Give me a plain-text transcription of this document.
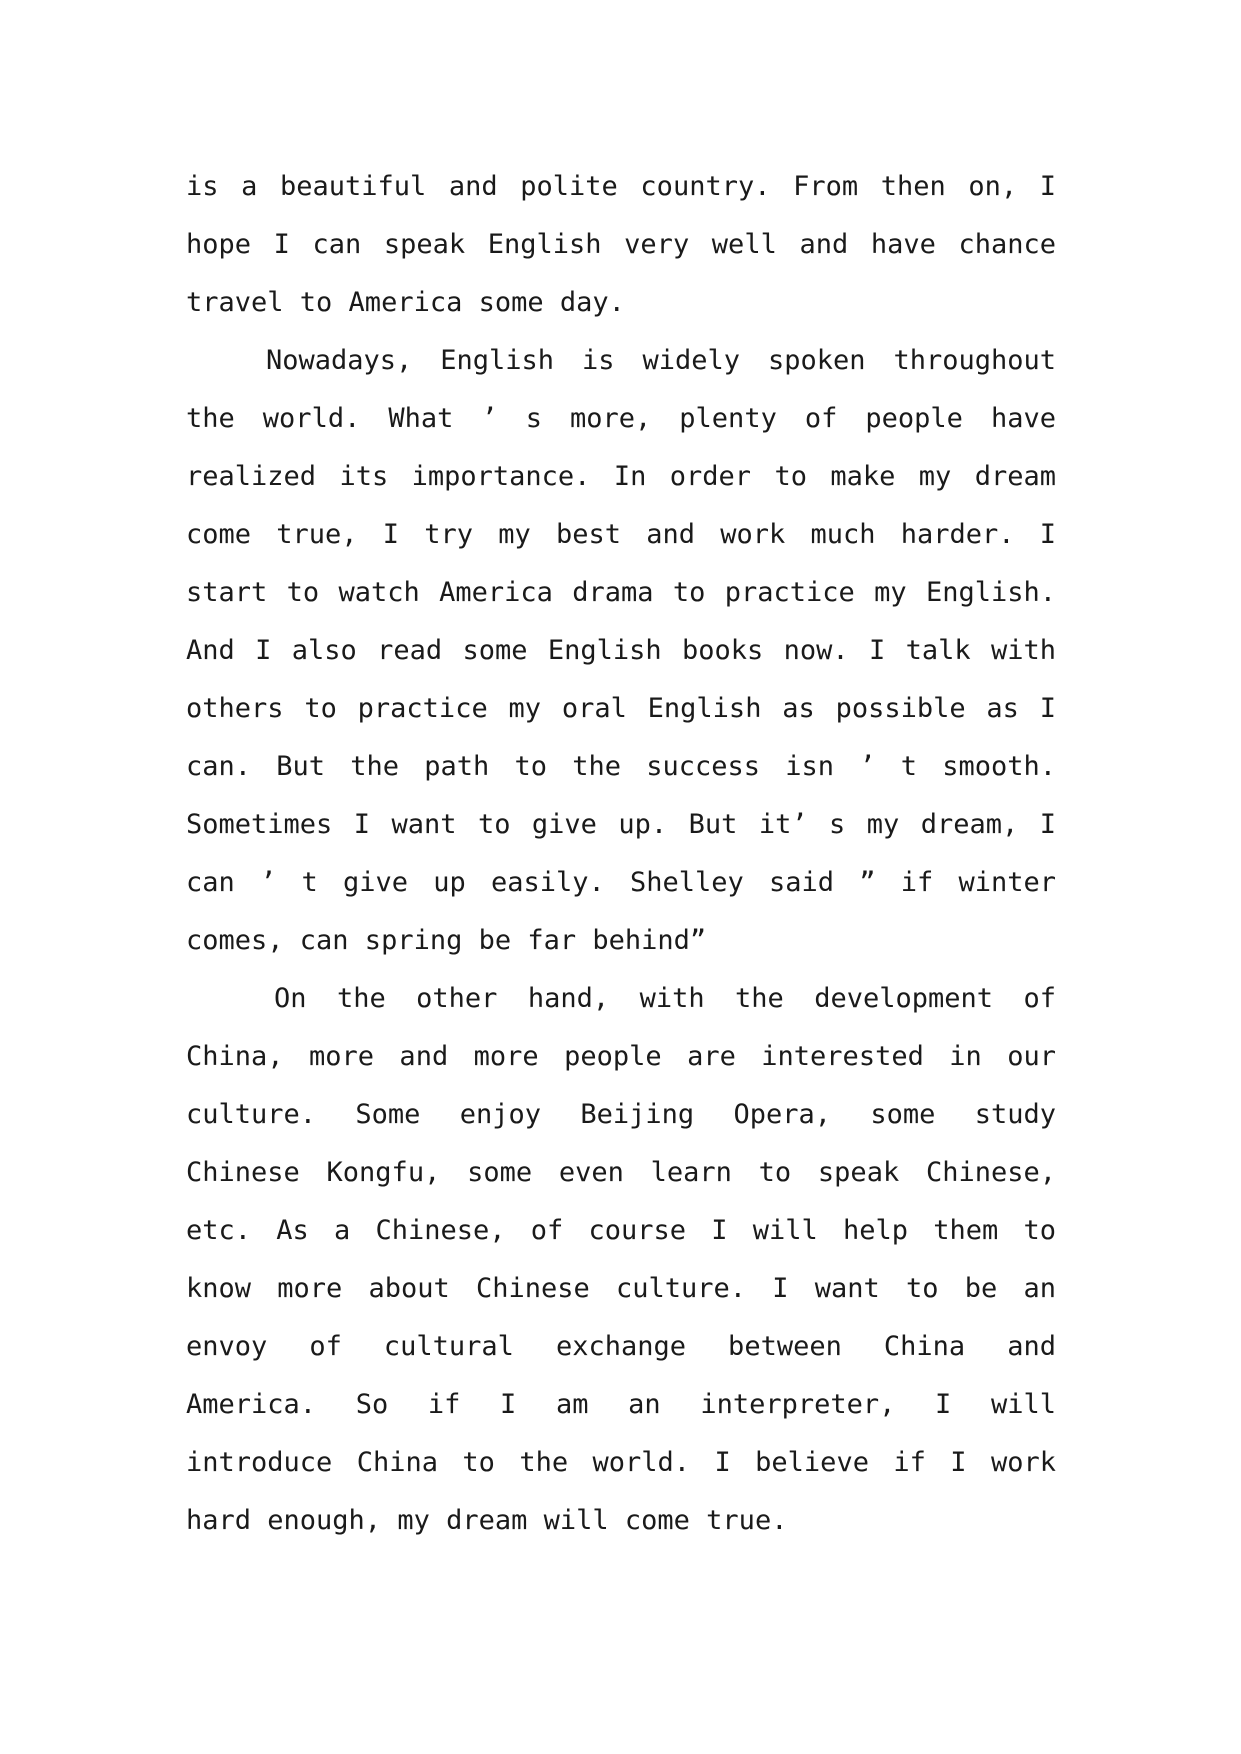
is a beautiful and polite country. From then on, I
hope I can speak English very well and have chance
travel to America some day.
Nowadays, English is widely spoken throughout
the world. What ’ s more, plenty of people have
realized its importance. In order to make my dream
come true, I try my best and work much harder. I
start to watch America drama to practice my English.
And I also read some English books now. I talk with
others to practice my oral English as possible as I
can. But the path to the success isn ’ t smooth.
Sometimes I want to give up. But it’ s my dream, I
can ’ t give up easily. Shelley said ” if winter
comes, can spring be far behind”
On the other hand, with the development of
China, more and more people are interested in our
culture. Some enjoy Beijing Opera, some study
Chinese Kongfu, some even learn to speak Chinese,
etc. As a Chinese, of course I will help them to
know more about Chinese culture. I want to be an
envoy of cultural exchange between China and
America. So if I am an interpreter, I will
introduce China to the world. I believe if I work
hard enough, my dream will come true.
